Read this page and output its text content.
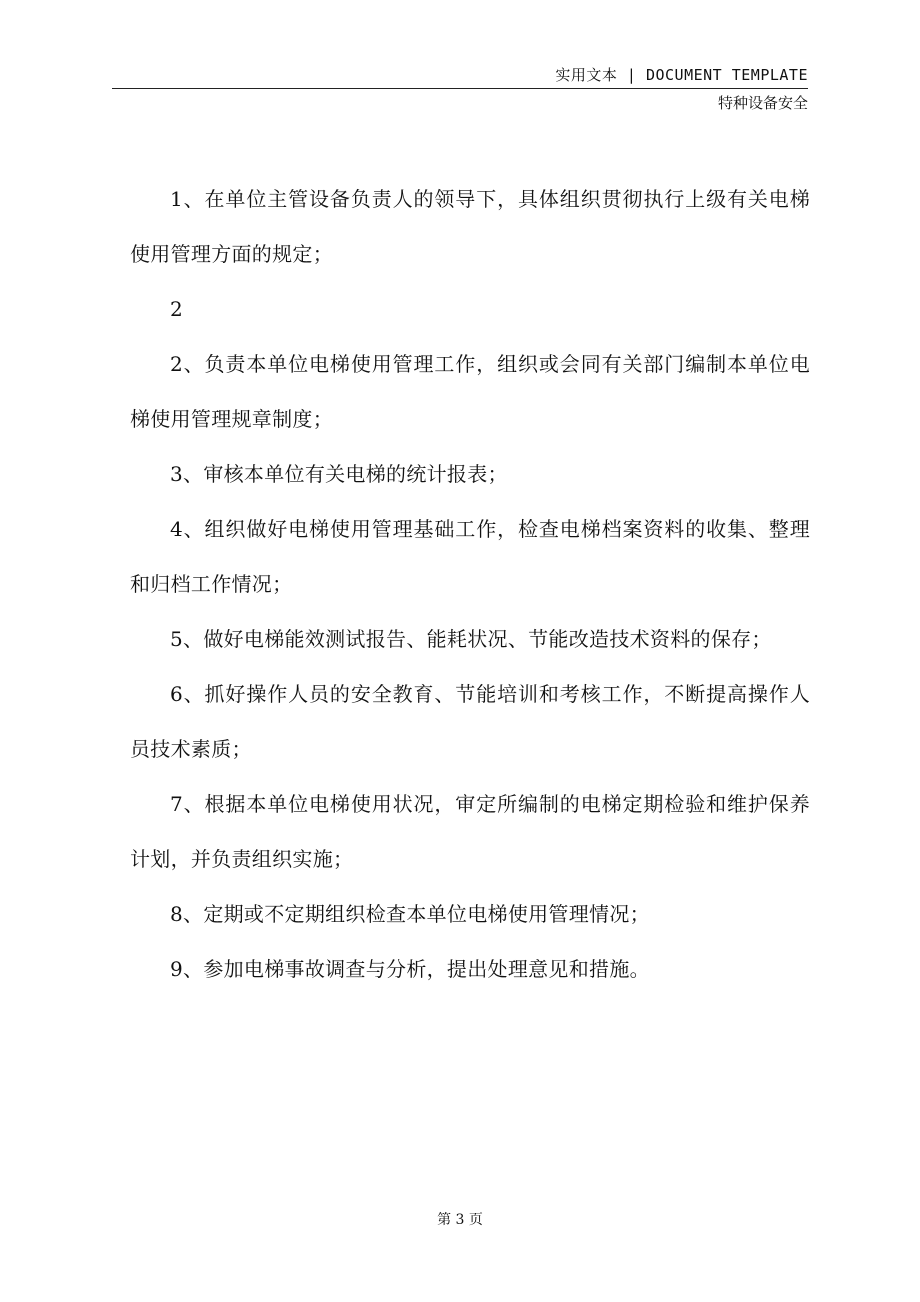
实用文本 | DOCUMENT TEMPLATE
特种设备安全

1、在单位主管设备负责人的领导下，具体组织贯彻执行上级有关电梯使用管理方面的规定；

2

2、负责本单位电梯使用管理工作，组织或会同有关部门编制本单位电梯使用管理规章制度；

3、审核本单位有关电梯的统计报表；

4、组织做好电梯使用管理基础工作，检查电梯档案资料的收集、整理和归档工作情况；

5、做好电梯能效测试报告、能耗状况、节能改造技术资料的保存；

6、抓好操作人员的安全教育、节能培训和考核工作，不断提高操作人员技术素质；

7、根据本单位电梯使用状况，审定所编制的电梯定期检验和维护保养计划，并负责组织实施；

8、定期或不定期组织检查本单位电梯使用管理情况；

9、参加电梯事故调查与分析，提出处理意见和措施。

第 3 页
